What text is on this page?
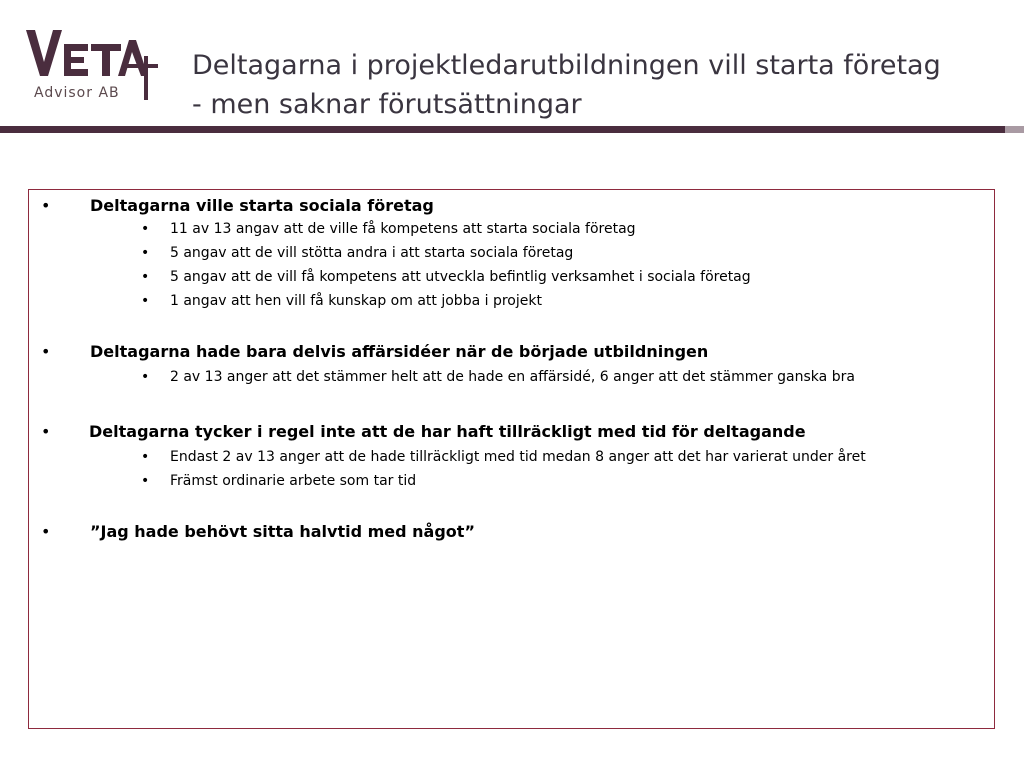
Advisor AB
Deltagarna i projektledarutbildningen vill starta företag
- men saknar förutsättningar
• Deltagarna ville starta sociala företag
• 11 av 13 angav att de ville få kompetens att starta sociala företag
• 5 angav att de vill stötta andra i att starta sociala företag
• 5 angav att de vill få kompetens att utveckla befintlig verksamhet i sociala företag
• 1 angav att hen vill få kunskap om att jobba i projekt
• Deltagarna hade bara delvis affärsidéer när de började utbildningen
• 2 av 13 anger att det stämmer helt att de hade en affärsidé, 6 anger att det stämmer ganska bra
• Deltagarna tycker i regel inte att de har haft tillräckligt med tid för deltagande
• Endast 2 av 13 anger att de hade tillräckligt med tid medan 8 anger att det har varierat under året
• Främst ordinarie arbete som tar tid
• ”Jag hade behövt sitta halvtid med något”
